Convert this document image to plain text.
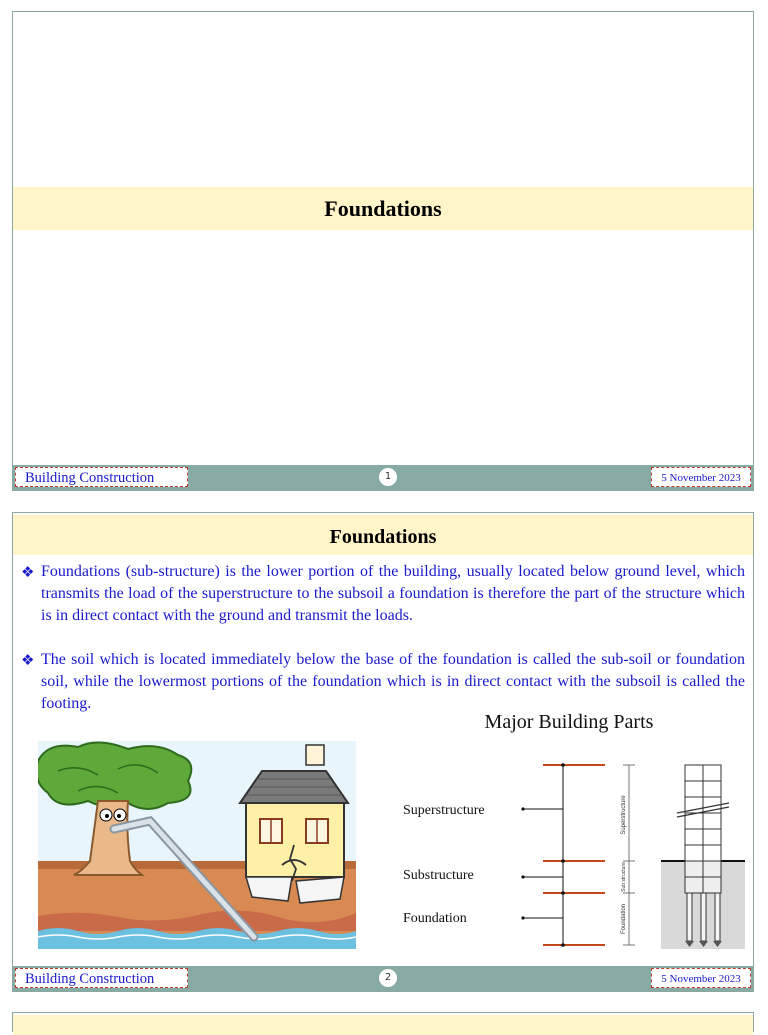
Foundations
Building Construction	1	5 November 2023
Foundations
❖ Foundations (sub-structure) is the lower portion of the building, usually located below ground level, which transmits the load of the superstructure to the subsoil a foundation is therefore the part of the structure which is in direct contact with the ground and transmit the loads.
❖ The soil which is located immediately below the base of the foundation is called the sub-soil or foundation soil, while the lowermost portions of the foundation which is in direct contact with the subsoil is called the footing.
Major Building Parts
Superstructure
Substructure
Foundation
Superstructure
Sub structure
Foundation
Building Construction	2	5 November 2023
